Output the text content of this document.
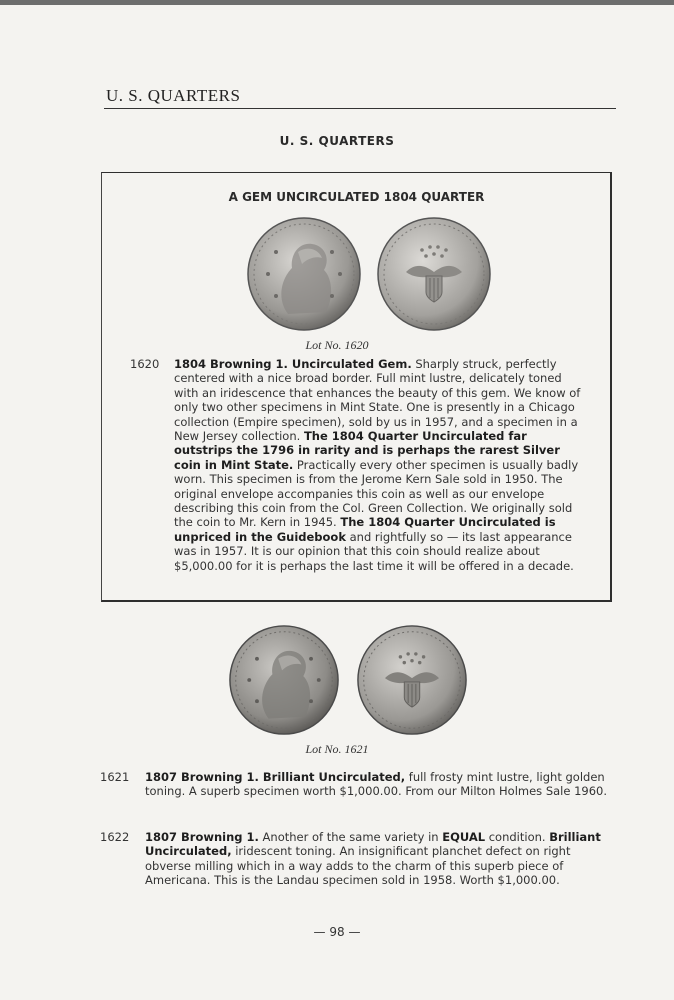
U. S. QUARTERS
U. S. QUARTERS
A GEM UNCIRCULATED 1804 QUARTER
Lot No. 1620
1620 1804 Browning 1. Uncirculated Gem. Sharply struck, perfectly centered with a nice broad border. Full mint lustre, delicately toned with an iridescence that enhances the beauty of this gem. We know of only two other specimens in Mint State. One is presently in a Chicago collection (Empire specimen), sold by us in 1957, and a specimen in a New Jersey collection. The 1804 Quarter Uncirculated far outstrips the 1796 in rarity and is perhaps the rarest Silver coin in Mint State. Practically every other specimen is usually badly worn. This specimen is from the Jerome Kern Sale sold in 1950. The original envelope accompanies this coin as well as our envelope describing this coin from the Col. Green Collection. We originally sold the coin to Mr. Kern in 1945. The 1804 Quarter Uncirculated is unpriced in the Guidebook and rightfully so — its last appearance was in 1957. It is our opinion that this coin should realize about $5,000.00 for it is perhaps the last time it will be offered in a decade.
Lot No. 1621
1621 1807 Browning 1. Brilliant Uncirculated, full frosty mint lustre, light golden toning. A superb specimen worth $1,000.00. From our Milton Holmes Sale 1960.
1622 1807 Browning 1. Another of the same variety in EQUAL condition. Brilliant Uncirculated, iridescent toning. An insignificant planchet defect on right obverse milling which in a way adds to the charm of this superb piece of Americana. This is the Landau specimen sold in 1958. Worth $1,000.00.
— 98 —
